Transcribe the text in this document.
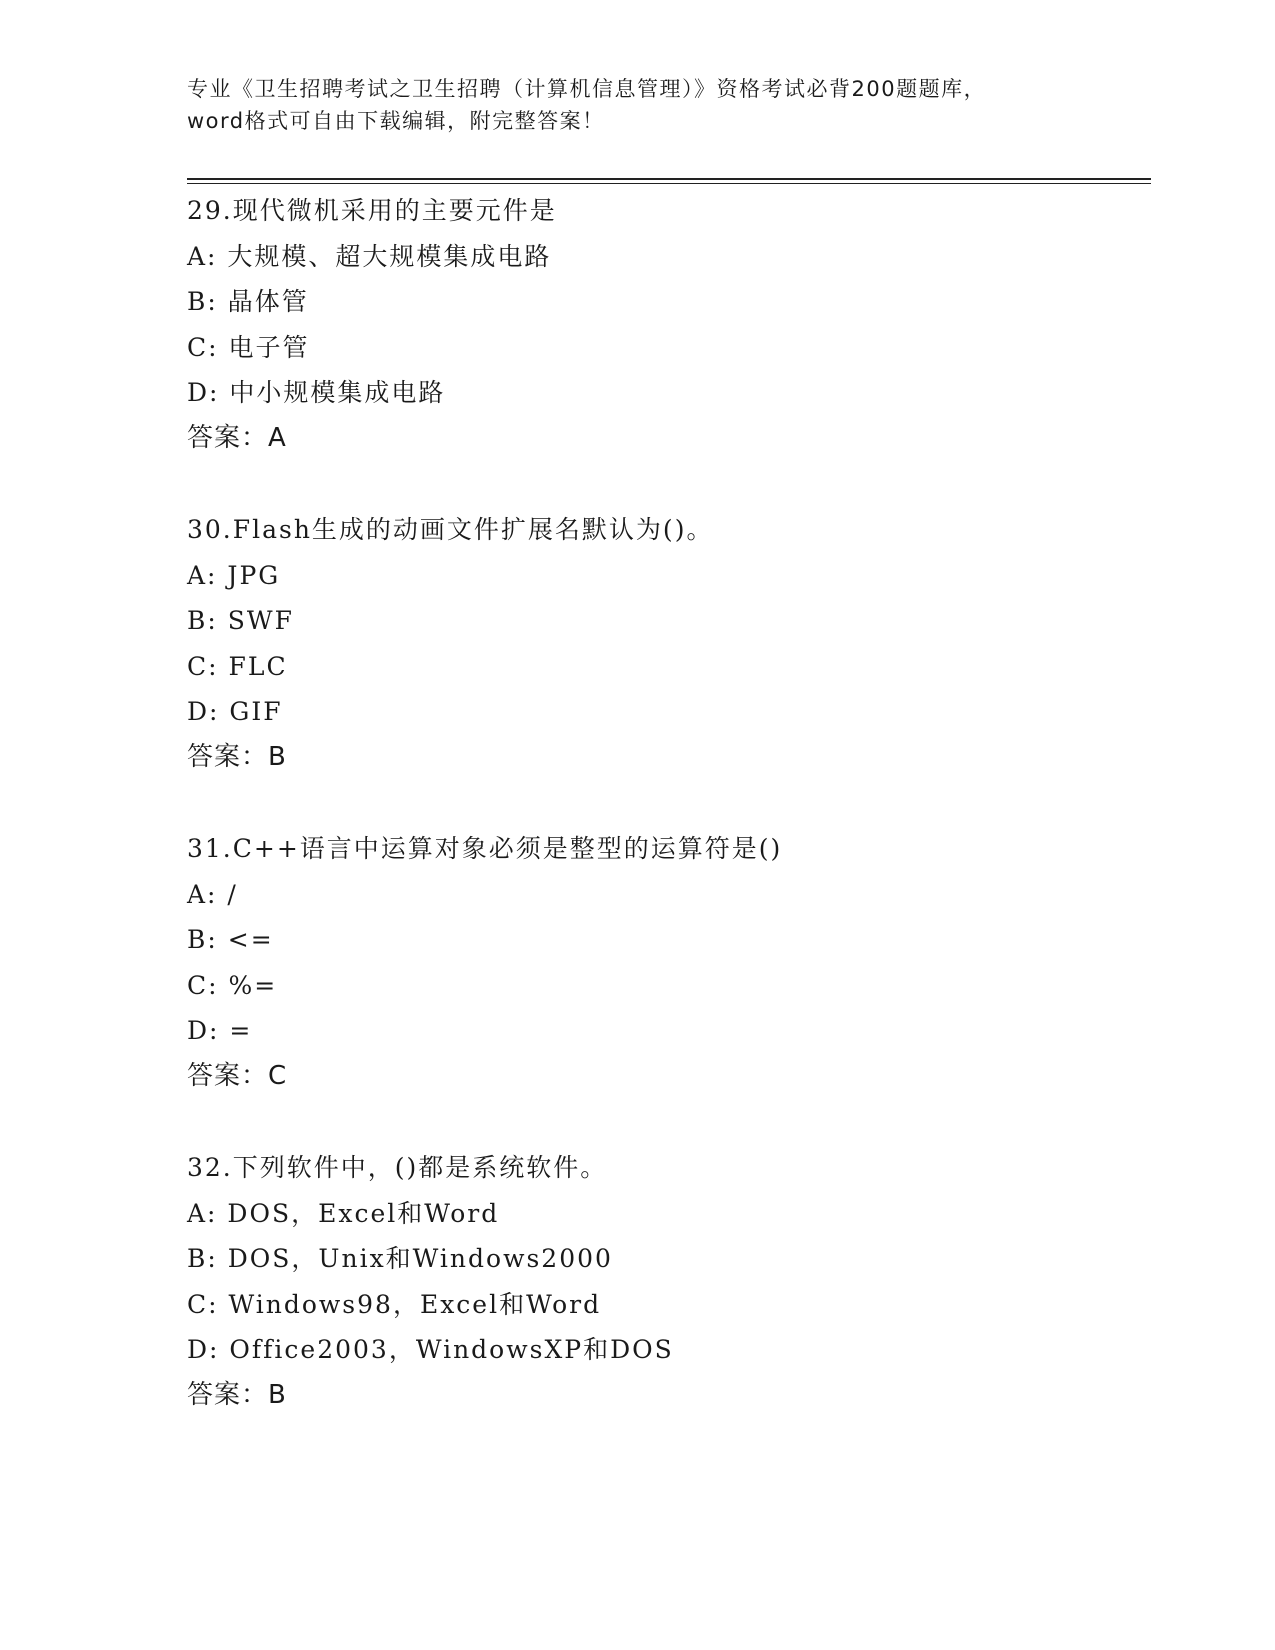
专业《卫生招聘考试之卫生招聘（计算机信息管理）》资格考试必背200题题库，
word格式可自由下载编辑，附完整答案！
29.现代微机采用的主要元件是
A: 大规模、超大规模集成电路
B: 晶体管
C: 电子管
D: 中小规模集成电路
答案：A
30.Flash生成的动画文件扩展名默认为()。
A: JPG
B: SWF
C: FLC
D: GIF
答案：B
31.C++语言中运算对象必须是整型的运算符是()
A: /
B: <=
C: %=
D: =
答案：C
32.下列软件中，()都是系统软件。
A: DOS，Excel和Word
B: DOS，Unix和Windows2000
C: Windows98，Excel和Word
D: Office2003，WindowsXP和DOS
答案：B
